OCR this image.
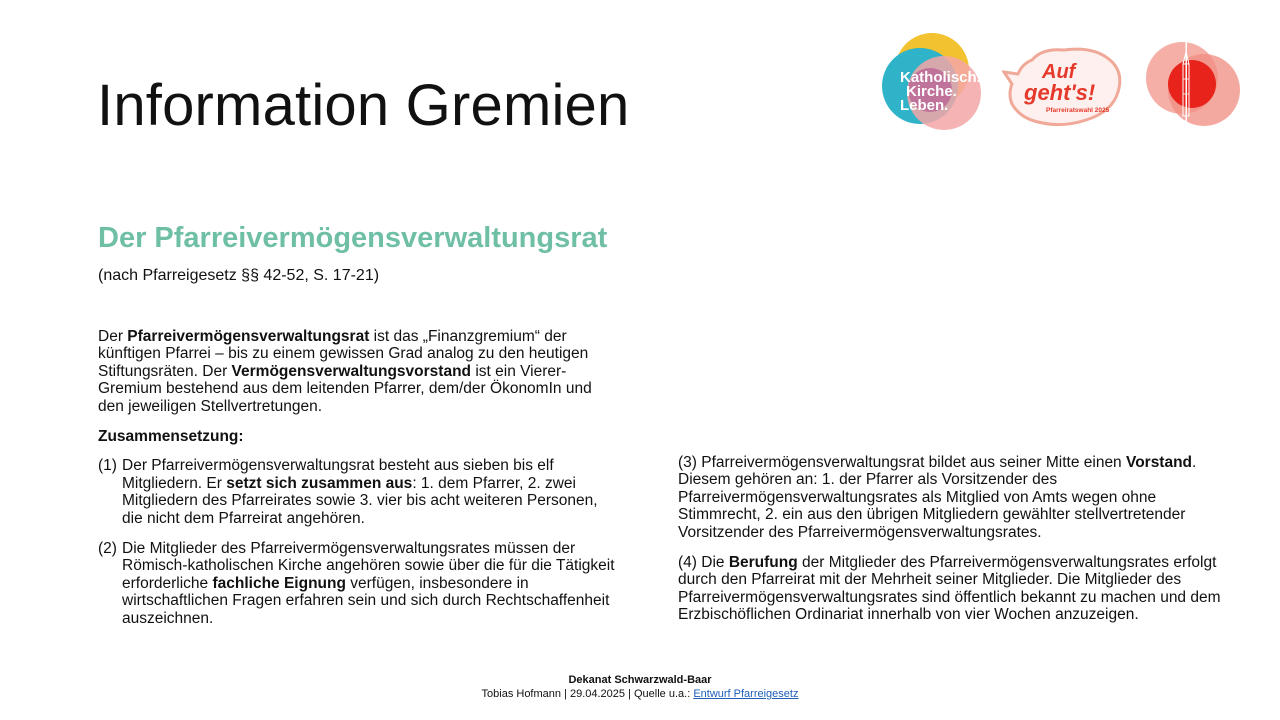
Information Gremien	Katholisch.
Kirche.
Leben.
Auf
geht's!
Pfarreiratswahl 2025
Der Pfarreivermögensverwaltungsrat
(nach Pfarreigesetz §§ 42-52, S. 17-21)

Der Pfarreivermögensverwaltungsrat ist das „Finanzgremium“ der künftigen Pfarrei – bis zu einem gewissen Grad analog zu den heutigen Stiftungsräten. Der Vermögensverwaltungsvorstand ist ein Vierer-Gremium bestehend aus dem leitenden Pfarrer, dem/der ÖkonomIn und den jeweiligen Stellvertretungen.

Zusammensetzung:

(1) Der Pfarreivermögensverwaltungsrat besteht aus sieben bis elf Mitgliedern. Er setzt sich zusammen aus: 1. dem Pfarrer, 2. zwei Mitgliedern des Pfarreirates sowie 3. vier bis acht weiteren Personen, die nicht dem Pfarreirat angehören.
(2) Die Mitglieder des Pfarreivermögensverwaltungsrates müssen der Römisch-katholischen Kirche angehören sowie über die für die Tätigkeit erforderliche fachliche Eignung verfügen, insbesondere in wirtschaftlichen Fragen erfahren sein und sich durch Rechtschaffenheit auszeichnen.

(3) Pfarreivermögensverwaltungsrat bildet aus seiner Mitte einen Vorstand. Diesem gehören an: 1. der Pfarrer als Vorsitzender des Pfarreivermögensverwaltungsrates als Mitglied von Amts wegen ohne Stimmrecht, 2. ein aus den übrigen Mitgliedern gewählter stellvertretender Vorsitzender des Pfarreivermögensverwaltungsrates.

(4) Die Berufung der Mitglieder des Pfarreivermögensverwaltungsrates erfolgt durch den Pfarreirat mit der Mehrheit seiner Mitglieder. Die Mitglieder des Pfarreivermögensverwaltungsrates sind öffentlich bekannt zu machen und dem Erzbischöflichen Ordinariat innerhalb von vier Wochen anzuzeigen.

Dekanat Schwarzwald-Baar
Tobias Hofmann | 29.04.2025 | Quelle u.a.: Entwurf Pfarreigesetz
